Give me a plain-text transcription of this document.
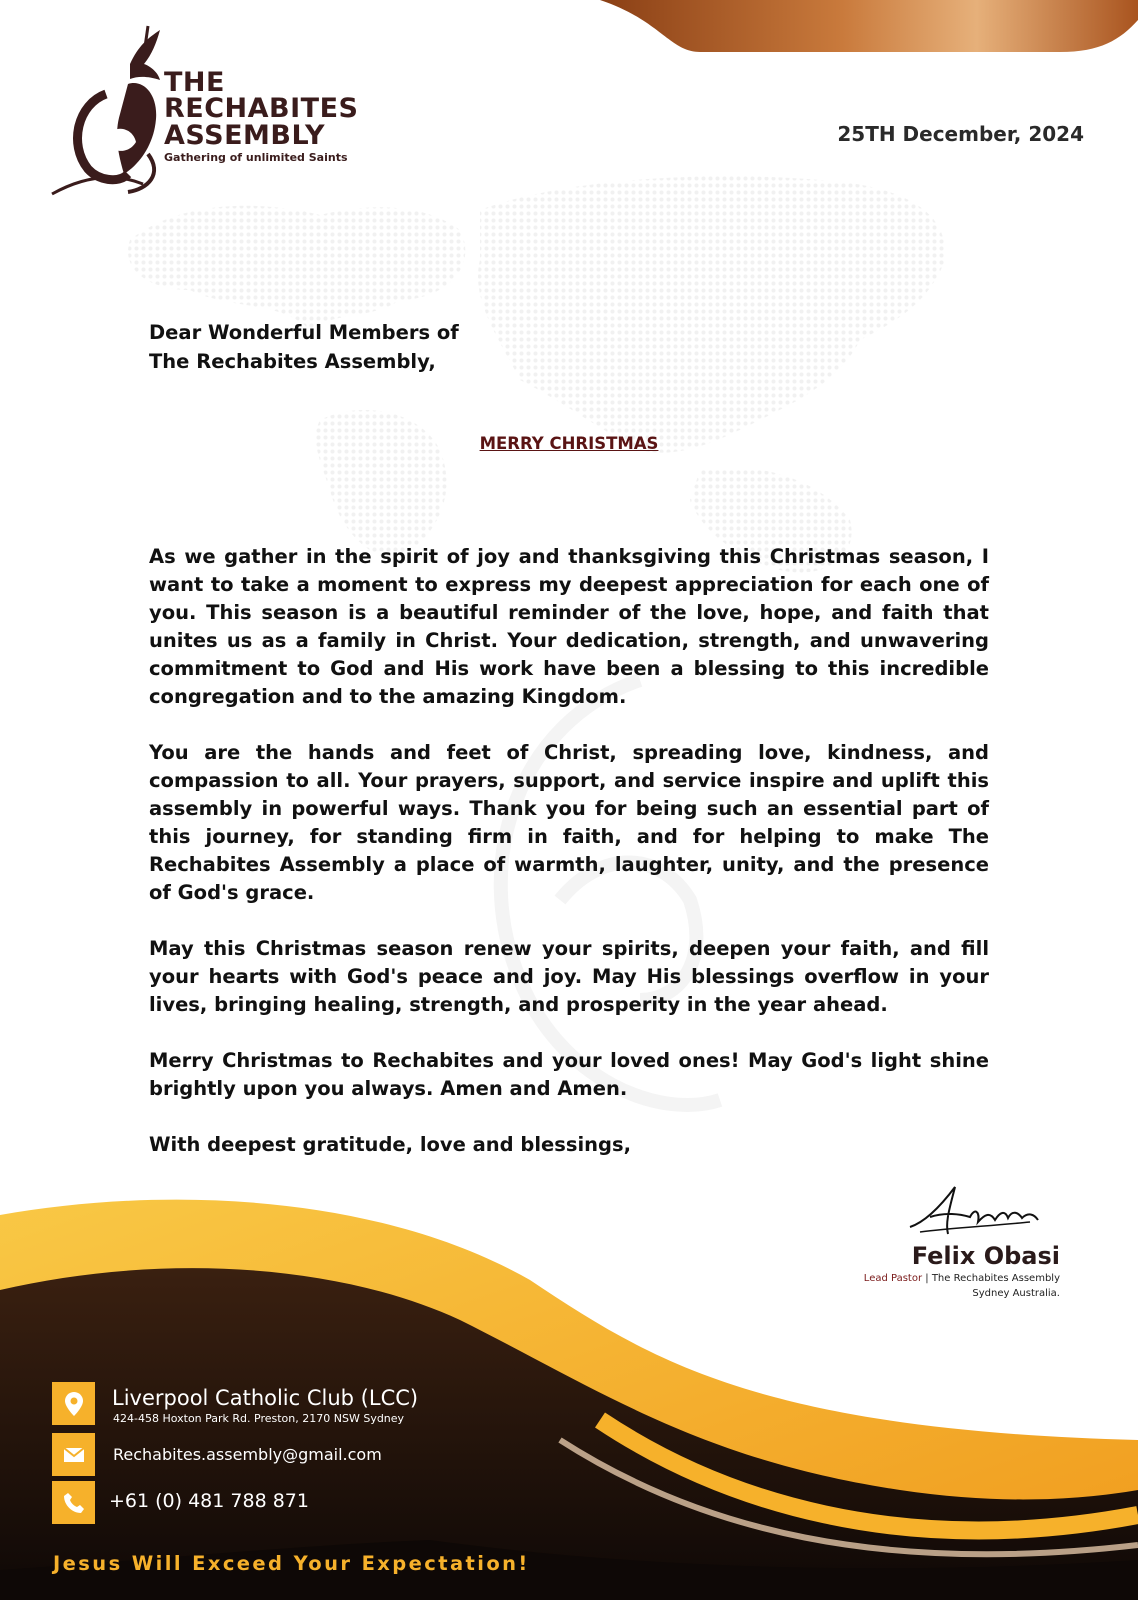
THE
RECHABITES
ASSEMBLY
Gathering of unlimited Saints
25TH December, 2024
Dear Wonderful Members of
The Rechabites Assembly,
MERRY CHRISTMAS

As we gather in the spirit of joy and thanksgiving this Christmas season, I want to take a moment to express my deepest appreciation for each one of you. This season is a beautiful reminder of the love, hope, and faith that unites us as a family in Christ. Your dedication, strength, and unwavering commitment to God and His work have been a blessing to this incredible congregation and to the amazing Kingdom.

You are the hands and feet of Christ, spreading love, kindness, and compassion to all. Your prayers, support, and service inspire and uplift this assembly in powerful ways. Thank you for being such an essential part of this journey, for standing firm in faith, and for helping to make The Rechabites Assembly a place of warmth, laughter, unity, and the presence of God's grace.

May this Christmas season renew your spirits, deepen your faith, and fill your hearts with God's peace and joy. May His blessings overflow in your lives, bringing healing, strength, and prosperity in the year ahead.

Merry Christmas to Rechabites and your loved ones! May God's light shine brightly upon you always. Amen and Amen.

With deepest gratitude, love and blessings,

Felix Obasi
Lead Pastor | The Rechabites Assembly
Sydney Australia.
Liverpool Catholic Club (LCC)
424-458 Hoxton Park Rd. Preston, 2170 NSW Sydney
Rechabites.assembly@gmail.com
+61 (0) 481 788 871
Jesus Will Exceed Your Expectation!
